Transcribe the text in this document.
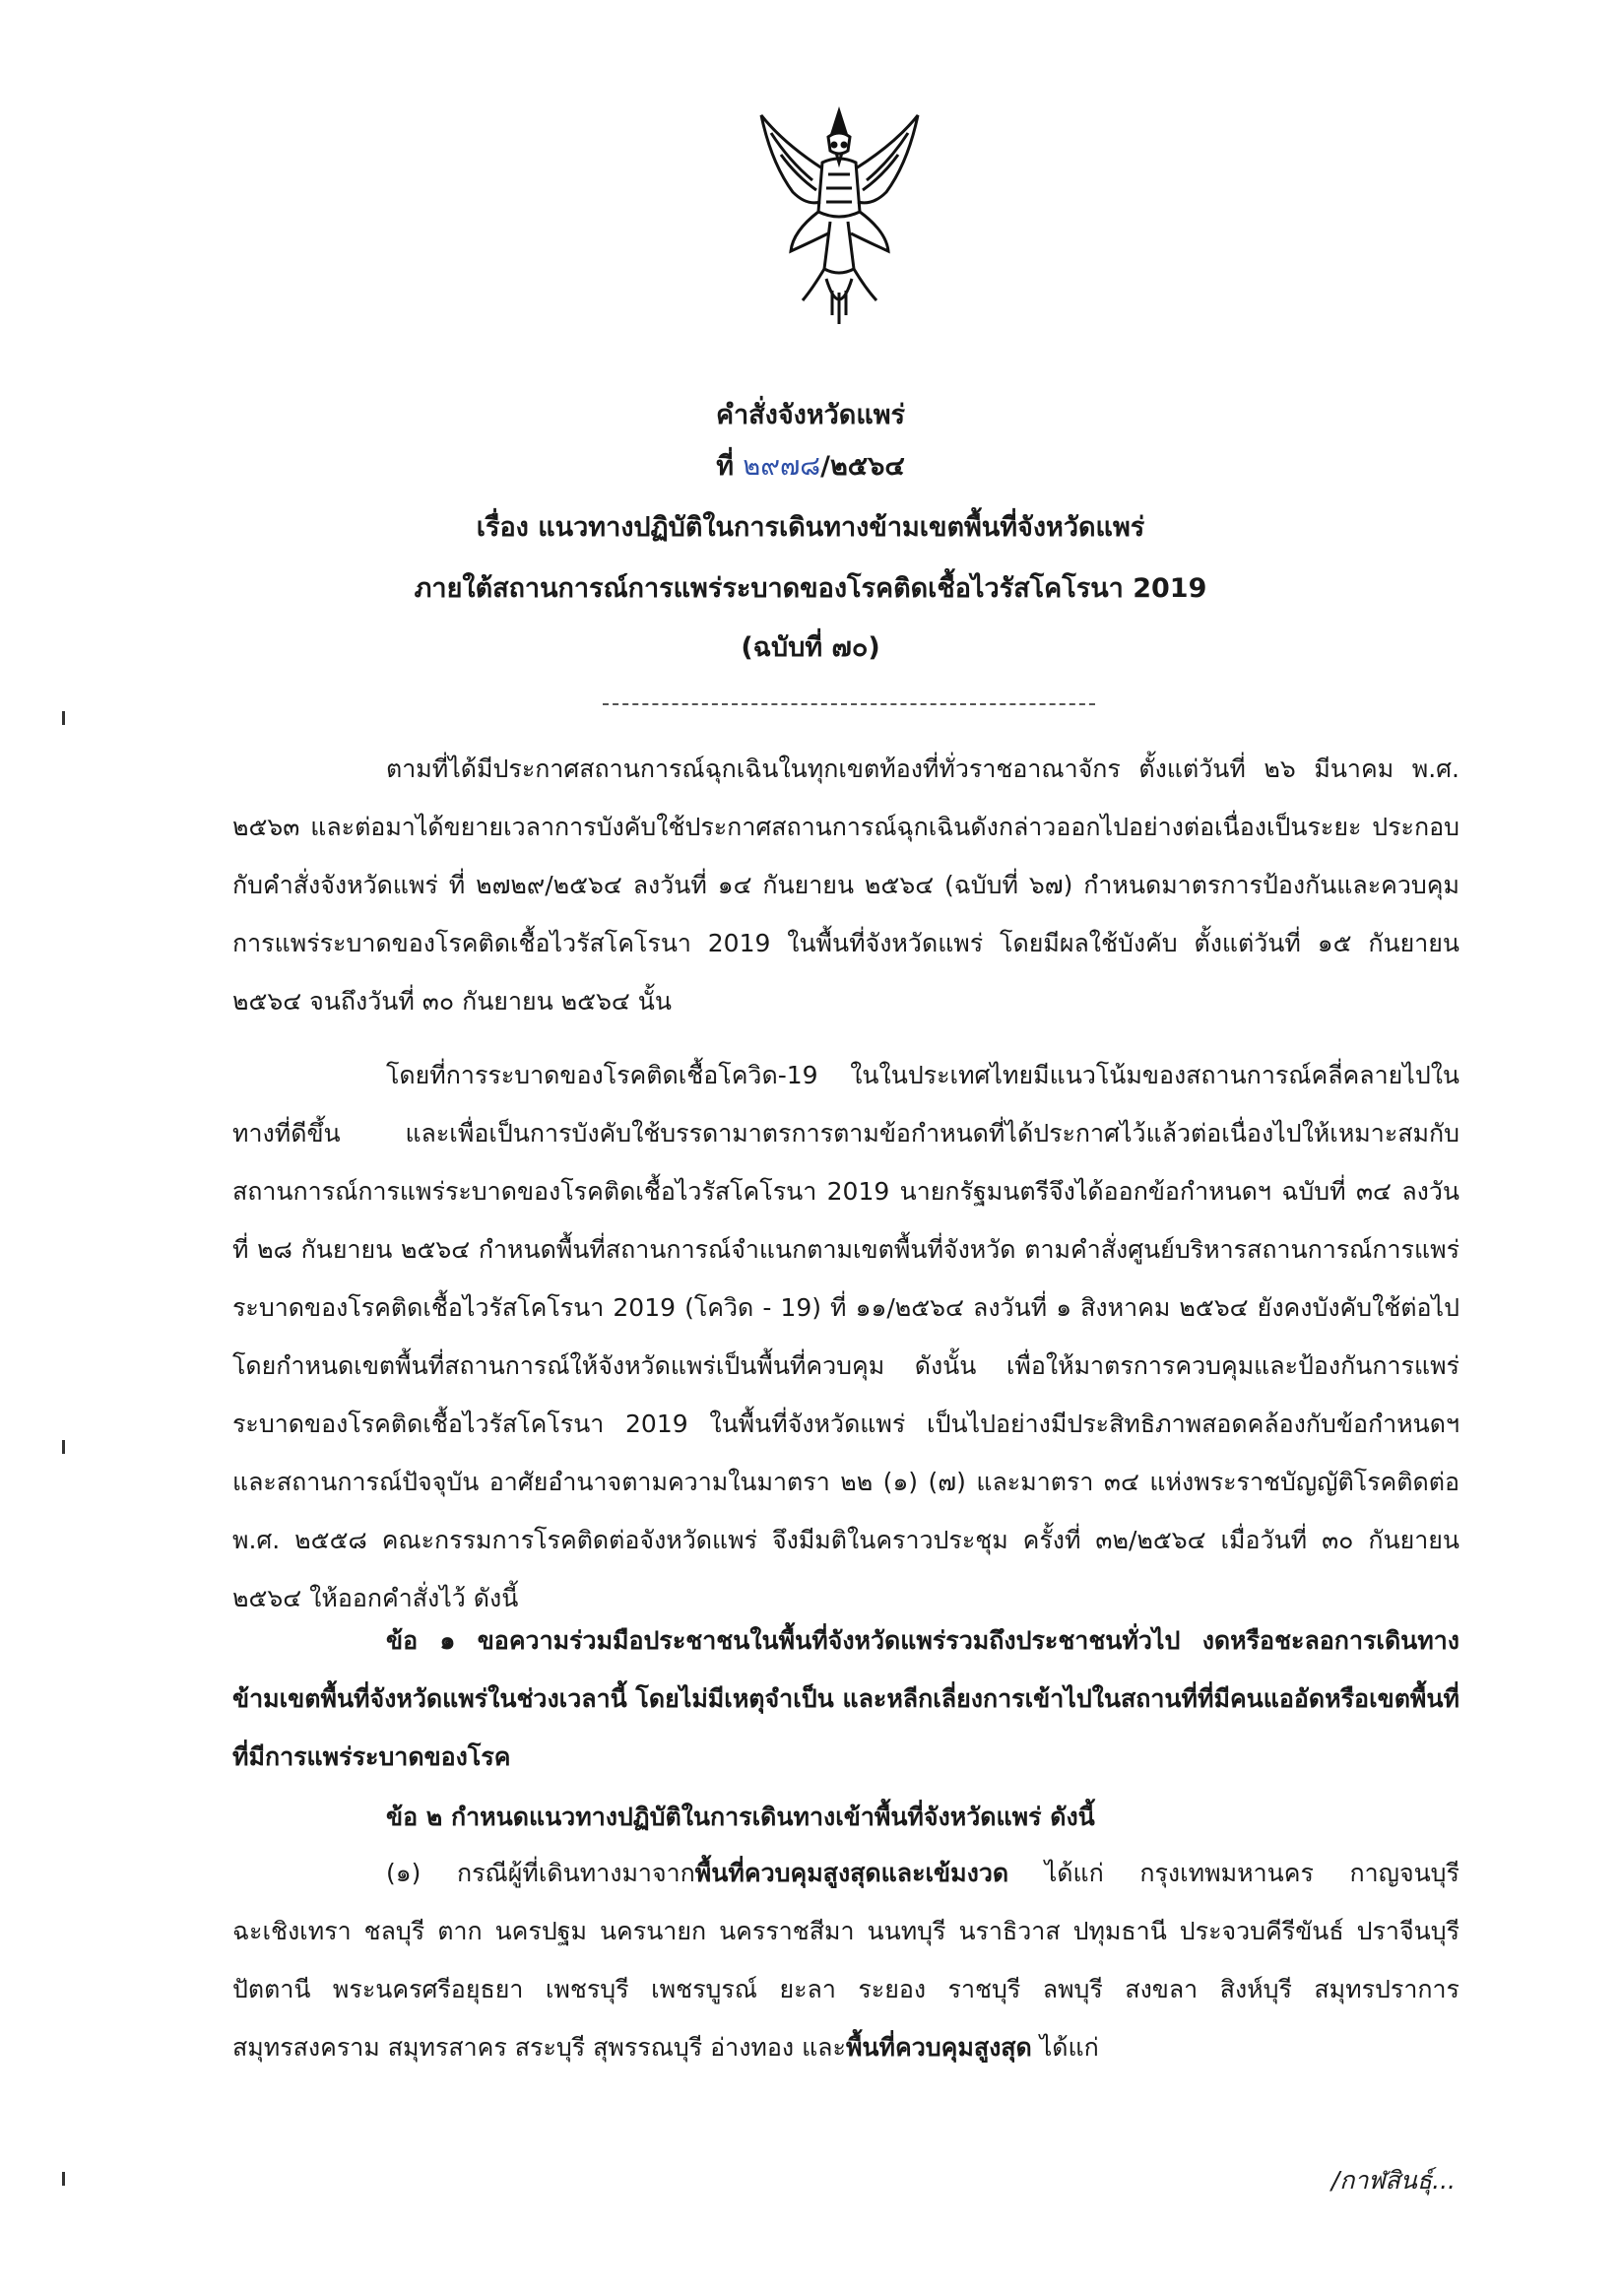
คำสั่งจังหวัดแพร่
ที่ ๒๙๗๘/๒๕๖๔
เรื่อง แนวทางปฏิบัติในการเดินทางข้ามเขตพื้นที่จังหวัดแพร่
ภายใต้สถานการณ์การแพร่ระบาดของโรคติดเชื้อไวรัสโคโรนา 2019
(ฉบับที่ ๗๐)

ตามที่ได้มีประกาศสถานการณ์ฉุกเฉินในทุกเขตท้องที่ทั่วราชอาณาจักร ตั้งแต่วันที่ ๒๖ มีนาคม พ.ศ. ๒๕๖๓ และต่อมาได้ขยายเวลาการบังคับใช้ประกาศสถานการณ์ฉุกเฉินดังกล่าวออกไปอย่างต่อเนื่องเป็นระยะ ประกอบกับคำสั่งจังหวัดแพร่ ที่ ๒๗๒๙/๒๕๖๔ ลงวันที่ ๑๔ กันยายน ๒๕๖๔ (ฉบับที่ ๖๗) กำหนดมาตรการป้องกันและควบคุมการแพร่ระบาดของโรคติดเชื้อไวรัสโคโรนา 2019 ในพื้นที่จังหวัดแพร่ โดยมีผลใช้บังคับ ตั้งแต่วันที่ ๑๕ กันยายน ๒๕๖๔ จนถึงวันที่ ๓๐ กันยายน ๒๕๖๔ นั้น

โดยที่การระบาดของโรคติดเชื้อโควิด-19 ในในประเทศไทยมีแนวโน้มของสถานการณ์คลี่คลายไปในทางที่ดีขึ้น และเพื่อเป็นการบังคับใช้บรรดามาตรการตามข้อกำหนดที่ได้ประกาศไว้แล้วต่อเนื่องไปให้เหมาะสมกับสถานการณ์การแพร่ระบาดของโรคติดเชื้อไวรัสโคโรนา 2019 นายกรัฐมนตรีจึงได้ออกข้อกำหนดฯ ฉบับที่ ๓๔ ลงวันที่ ๒๘ กันยายน ๒๕๖๔ กำหนดพื้นที่สถานการณ์จำแนกตามเขตพื้นที่จังหวัด ตามคำสั่งศูนย์บริหารสถานการณ์การแพร่ระบาดของโรคติดเชื้อไวรัสโคโรนา 2019 (โควิด - 19) ที่ ๑๑/๒๕๖๔ ลงวันที่ ๑ สิงหาคม ๒๕๖๔ ยังคงบังคับใช้ต่อไป โดยกำหนดเขตพื้นที่สถานการณ์ให้จังหวัดแพร่เป็นพื้นที่ควบคุม ดังนั้น เพื่อให้มาตรการควบคุมและป้องกันการแพร่ระบาดของโรคติดเชื้อไวรัสโคโรนา 2019 ในพื้นที่จังหวัดแพร่ เป็นไปอย่างมีประสิทธิภาพสอดคล้องกับข้อกำหนดฯ และสถานการณ์ปัจจุบัน อาศัยอำนาจตามความในมาตรา ๒๒ (๑) (๗) และมาตรา ๓๔ แห่งพระราชบัญญัติโรคติดต่อ พ.ศ. ๒๕๕๘ คณะกรรมการโรคติดต่อจังหวัดแพร่ จึงมีมติในคราวประชุม ครั้งที่ ๓๒/๒๕๖๔ เมื่อวันที่ ๓๐ กันยายน ๒๕๖๔ ให้ออกคำสั่งไว้ ดังนี้

ข้อ ๑ ขอความร่วมมือประชาชนในพื้นที่จังหวัดแพร่รวมถึงประชาชนทั่วไป งดหรือชะลอการเดินทางข้ามเขตพื้นที่จังหวัดแพร่ในช่วงเวลานี้ โดยไม่มีเหตุจำเป็น และหลีกเลี่ยงการเข้าไปในสถานที่ที่มีคนแออัดหรือเขตพื้นที่ที่มีการแพร่ระบาดของโรค

ข้อ ๒ กำหนดแนวทางปฏิบัติในการเดินทางเข้าพื้นที่จังหวัดแพร่ ดังนี้

(๑) กรณีผู้ที่เดินทางมาจากพื้นที่ควบคุมสูงสุดและเข้มงวด ได้แก่ กรุงเทพมหานคร กาญจนบุรี ฉะเชิงเทรา ชลบุรี ตาก นครปฐม นครนายก นครราชสีมา นนทบุรี นราธิวาส ปทุมธานี ประจวบคีรีขันธ์ ปราจีนบุรี ปัตตานี พระนครศรีอยุธยา เพชรบุรี เพชรบูรณ์ ยะลา ระยอง ราชบุรี ลพบุรี สงขลา สิงห์บุรี สมุทรปราการ สมุทรสงคราม สมุทรสาคร สระบุรี สุพรรณบุรี อ่างทอง และพื้นที่ควบคุมสูงสุด ได้แก่

/กาฬสินธุ์...
